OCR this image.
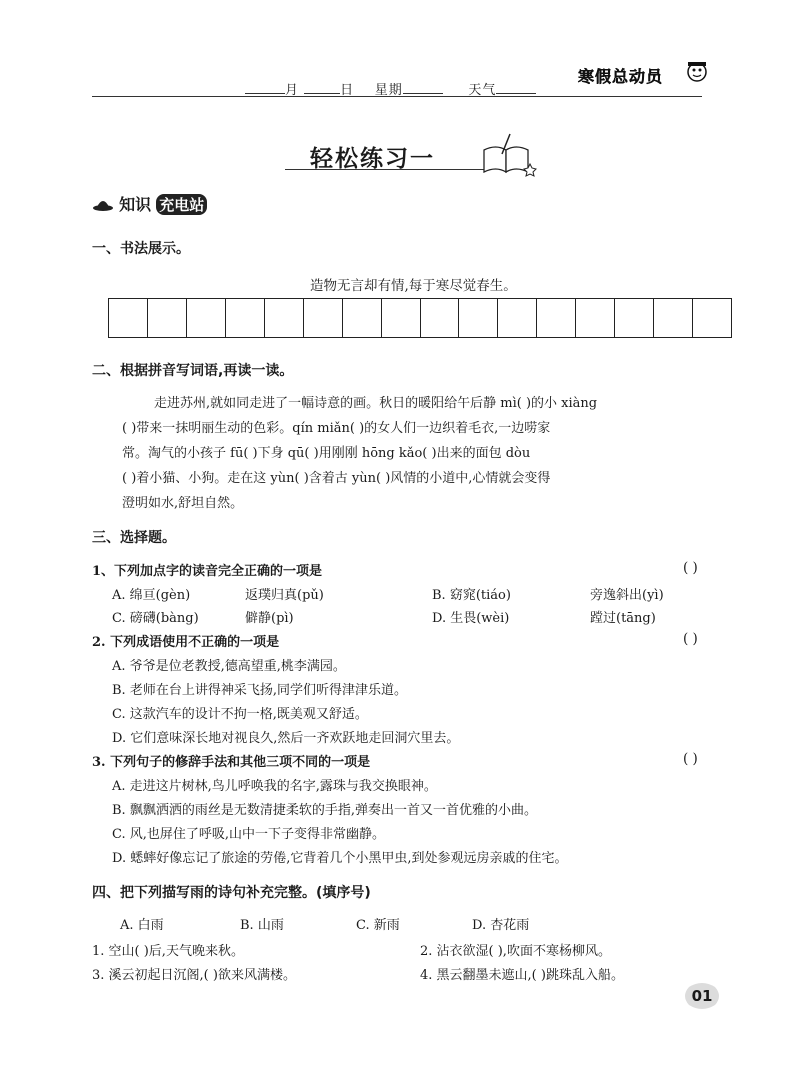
月	日 星期	天气
寒假总动员
轻松练习一
知识 充电站
一、书法展示。
造物无言却有情,每于寒尽觉春生。
二、根据拼音写词语,再读一读。
走进苏州,就如同走进了一幅诗意的画。秋日的暖阳给午后静 mì( )的小 xiàng
( )带来一抹明丽生动的色彩。qín miǎn( )的女人们一边织着毛衣,一边唠家
常。淘气的小孩子 fū( )下身 qū( )用刚刚 hōng kǎo( )出来的面包 dòu
( )着小猫、小狗。走在这 yùn( )含着古 yùn( )风情的小道中,心情就会变得
澄明如水,舒坦自然。
三、选择题。
1、下列加点字的读音完全正确的一项是	( )
A. 绵亘(gèn)	返璞归真(pǔ)	B. 窈窕(tiáo)	旁逸斜出(yì)
C. 磅礴(bàng)	僻静(pì)	D. 生畏(wèi)	蹚过(tāng)
2. 下列成语使用不正确的一项是	( )
A. 爷爷是位老教授,德高望重,桃李满园。
B. 老师在台上讲得神采飞扬,同学们听得津津乐道。
C. 这款汽车的设计不拘一格,既美观又舒适。
D. 它们意味深长地对视良久,然后一齐欢跃地走回洞穴里去。
3. 下列句子的修辞手法和其他三项不同的一项是	( )
A. 走进这片树林,鸟儿呼唤我的名字,露珠与我交换眼神。
B. 飘飘洒洒的雨丝是无数清捷柔软的手指,弹奏出一首又一首优雅的小曲。
C. 风,也屏住了呼吸,山中一下子变得非常幽静。
D. 蟋蟀好像忘记了旅途的劳倦,它背着几个小黑甲虫,到处参观远房亲戚的住宅。
四、把下列描写雨的诗句补充完整。(填序号)
A. 白雨	B. 山雨	C. 新雨	D. 杏花雨
1. 空山( )后,天气晚来秋。	2. 沾衣欲湿( ),吹面不寒杨柳风。
3. 溪云初起日沉阁,( )欲来风满楼。	4. 黑云翻墨未遮山,( )跳珠乱入船。
01
